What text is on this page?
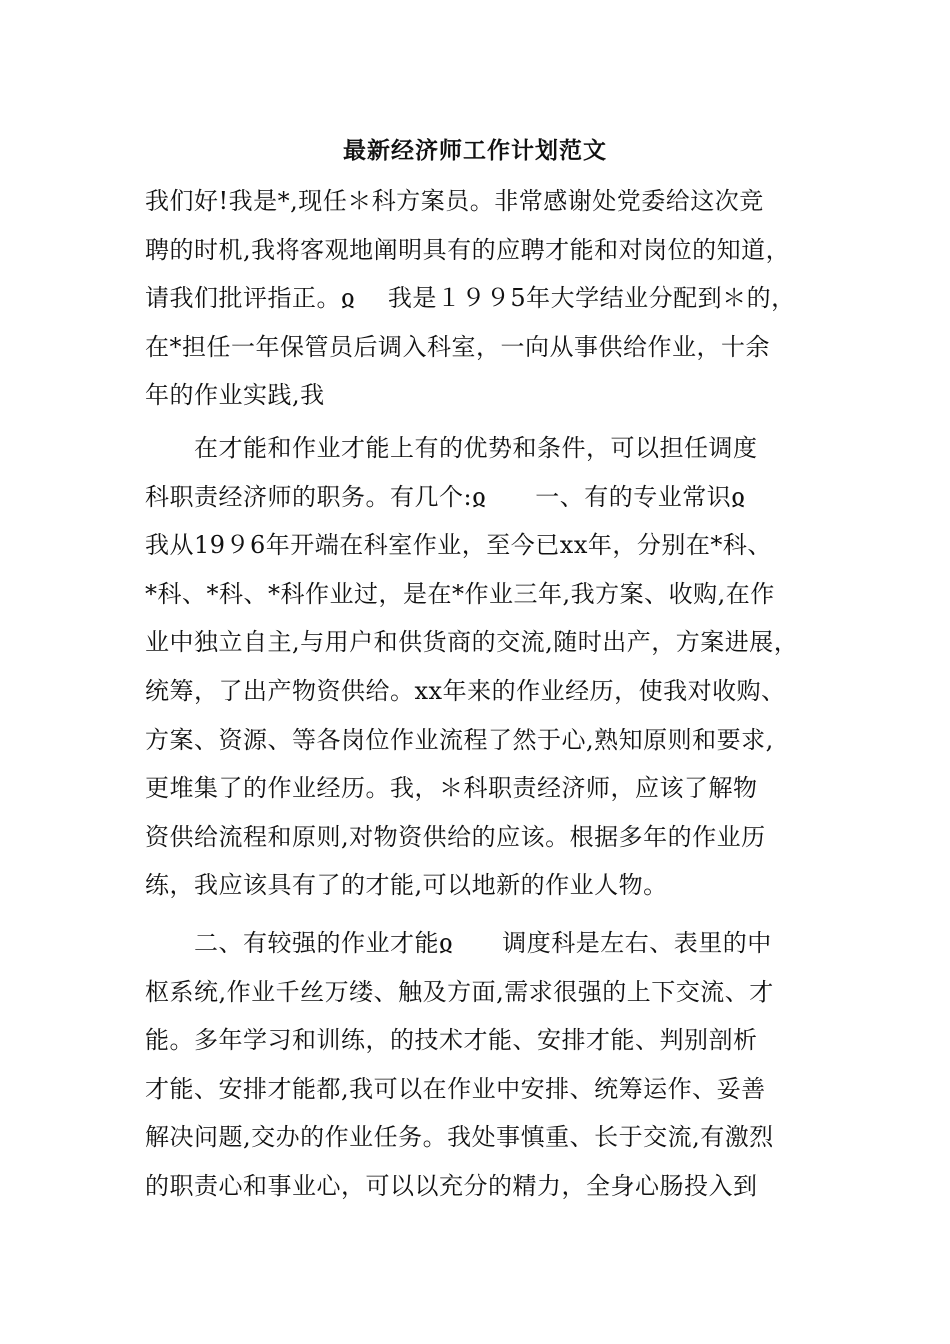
最新经济师工作计划范文
我们好!我是*,现任＊科方案员。非常感谢处党委给这次竞
聘的时机,我将客观地阐明具有的应聘才能和对岗位的知道，
请我们批评指正。ჲ　 我是１９９5年大学结业分配到＊的，
在*担任一年保管员后调入科室，一向从事供给作业，十余
年的作业实践,我
　　在才能和作业才能上有的优势和条件，可以担任调度
科职责经济师的职务。有几个:ჲ　　一、有的专业常识ჲ
我从19９6年开端在科室作业，至今已xx年，分别在*科、
*科、*科、*科作业过，是在*作业三年,我方案、收购,在作
业中独立自主,与用户和供货商的交流,随时出产，方案进展，
统筹，了出产物资供给。xx年来的作业经历，使我对收购、
方案、资源、等各岗位作业流程了然于心,熟知原则和要求,
更堆集了的作业经历。我，＊科职责经济师，应该了解物
资供给流程和原则,对物资供给的应该。根据多年的作业历
练，我应该具有了的才能,可以地新的作业人物。
　　二、有较强的作业才能ჲ　　调度科是左右、表里的中
枢系统,作业千丝万缕、触及方面,需求很强的上下交流、才
能。多年学习和训练，的技术才能、安排才能、判别剖析
才能、安排才能都,我可以在作业中安排、统筹运作、妥善
解决问题,交办的作业任务。我处事慎重、长于交流,有激烈
的职责心和事业心，可以以充分的精力，全身心肠投入到
